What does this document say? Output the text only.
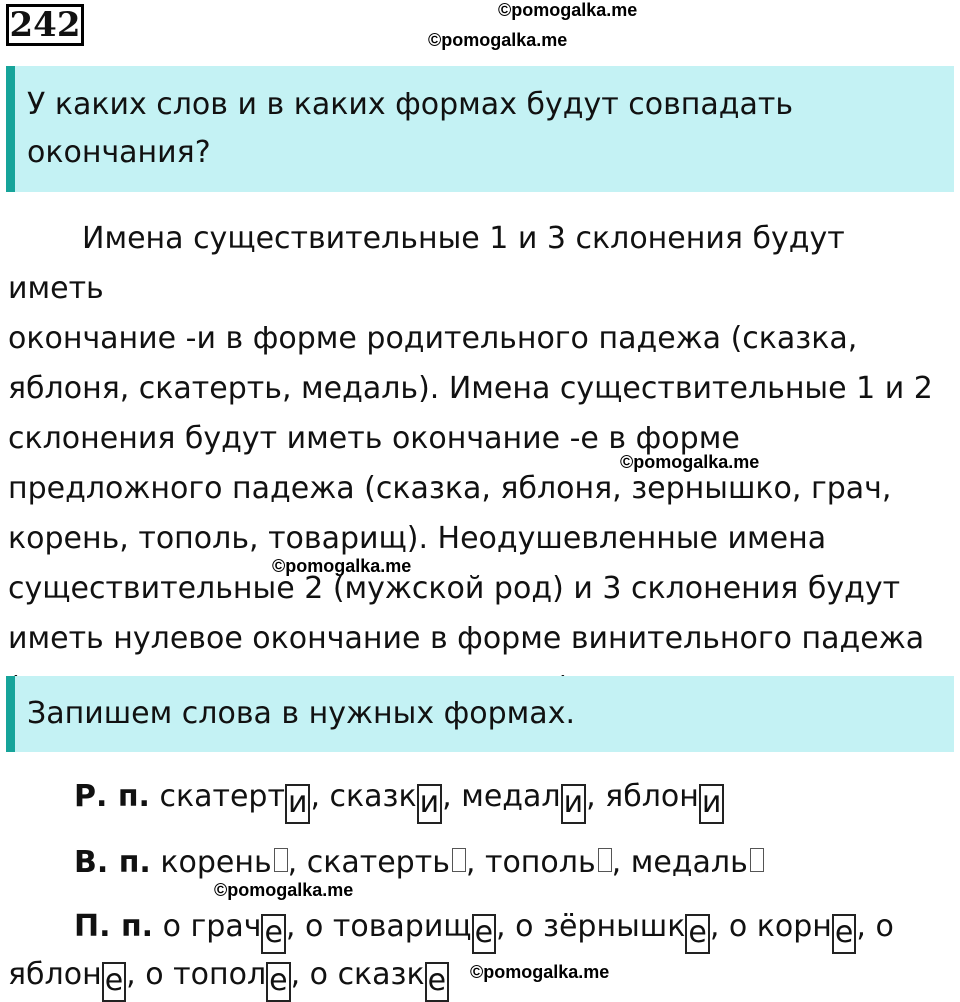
242	©pomogalka.me
©pomogalka.me
©pomogalka.me
©pomogalka.me
©pomogalka.me
©pomogalka.me
У каких слов и в каких формах будут совпадать
окончания?
Имена существительные 1 и 3 склонения будут иметь
окончание -и в форме родительного падежа (сказка,
яблоня, скатерть, медаль). Имена существительные 1 и 2
склонения будут иметь окончание -е в форме
предложного падежа (сказка, яблоня, зернышко, грач,
корень, тополь, товарищ). Неодушевленные имена
существительные 2 (мужской род) и 3 склонения будут
иметь нулевое окончание в форме винительного падежа
Запишем слова в нужных формах.

Р. п. скатерт и , сказк и , медал и , яблон и

В. п. корень , скатерть , тополь , медаль

П. п. о грач е , о товарищ е , о зёрнышк е , о корн е , о

яблон е , о топол е , о сказк е
